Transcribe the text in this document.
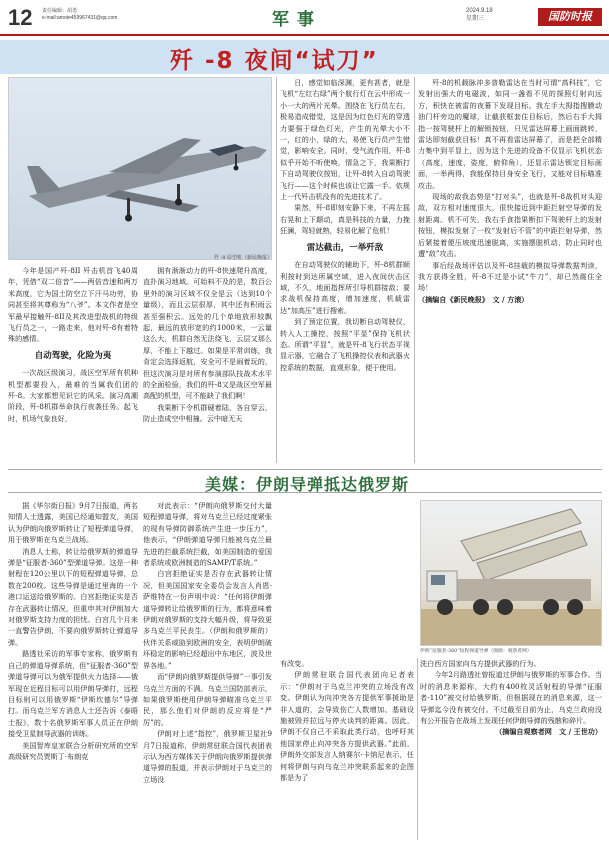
12 责任编辑：胡勇
e-mail:amote459967431@qq.com	军事	2024.9.18
星期三	国防时报
歼 -8 夜间“试刀”
歼 -8 原型机（新民晚报）

今年是国产歼-8II 歼击机首飞40周年，凭借“双二倍音”——两倍音速和两万米高度，它为国土防空立下汗马功劳，协同甚至将其尊称为“八爷”。本文作者是空军最早接触歼-8II及其改进型战机的特级飞行员之一，一路走来，他对歼-8有着特殊的感情。

自动驾驶，化险为夷

一次战区级演习，战区空军所有机种机型都要投入，最难的当属我们团的歼-8。大家都想见识它的风采。演习高潮阶段，歼-8机群举命执行夜袭任务。起飞时，机场气象良好，

拥有渐渐动力的歼-8快速爬升高度，直扑演习地域。可始料不及的是，数百公里外的演习区域不仅全是云（达到10个量级），而且云层很厚，其中还有积雨云甚至强积云。远处的几个单地放形较飘起，最远的放形宽的约1000米，一云量这么大，机群自然无法绕飞，云层又那么厚，不能上下越过。如果是平常训练，我肯定会选择返航，安全可不是闹着玩的，但这次演习是对所有参演部队技战术水平的全面检验，我们的歼-8又是战区空军最高配的机型，可不能缺了我们啊！

我果断下令机群硬着陆，各自穿云，防止造成空中相撞。云中暗无天

日，感觉如临深渊，更有甚者，就是飞机“左红右绿”两个航行灯在云中形成一小一大的两片光晕。围绕在飞行员左右，极易造成错觉，这是因为红色灯光的穿透力要强于绿色灯光，产生的光晕大小不一，红的小，绿的大，易使飞行员产生错觉，影响安全。同时，受气流作用，歼-8似乎开始不听使唤，情急之下，我果断打下自动驾驶仪按钮，让歼-8转入自动驾驶飞行——这个时候也该让它露一手。依规上一代歼击机没有的先进技术了。

果然，歼-8即刻安静下来，不再左摇右晃和上下颠动，真是科技的力量，力挽狂澜，驾轻就熟，轻易化解了危机！

雷达截击，一举歼敌

在自动驾驶仪的辅助下，歼-8机群顺利按时到达所属空域，进入夜间伏击区域，不久，地面指挥所引导机群接敌；要求战机保持高度，增加速度，机载雷达“加高压”进行搜索。

到了预定位置，我切断自动驾驶仪，转入人工操控，按照“平显”保持飞机状态。所谓“平显”，就是歼-8飞行状态平视显示器，它融合了飞机操控仪表和武器火控系统的数据，直观形象，便于使用。

歼-8的机载脉冲多普勒雷达在当时可谓“高科技”，它发射出强大的电磁波，如同一盏看不见的探照灯射向远方，积快在被雷的夜幕下发现目标。我左手大拇指搜膜动油门杆旁边的魔球，让截获框套住目标后，然后右手大拇指一按驾驶杆上的解锁按钮，只见雷达屏幕上画面跳转，雷达即刻截获目标！真不再看雷达屏幕了，而是把全部精力集中到平显上，因为这个先进的设备不仅显示飞机状态（高度，速度，姿度，俯仰角），还显示雷达锁定目标画面，一举两得，我能保持目身安全飞行，又能对目标瞄准攻击。

现场的敌我态势是“打对头”，也就是歼-8战机对头迎敌，双方相对速度很大，很快接近到中距拦射空导弹的发射距离。机不可失，我右手食指果断扣下驾驶杆上的发射按钮，模拟发射了一枚“发射后不管”的中距拦射导弹，然后紧接着便压坡度迅速脱离，实施摆脱机动，防止同时也遭“敌”攻击。

事后经战场评估以及歼-8挂载的模拟导弹数据判读，我方获得全胜，歼-8不过是小试“牛刀”，却已然震住全场！

（摘编自《新民晚报》　文 / 方滚）

美媒：伊朗导弹抵达俄罗斯

据《华尔街日报》9月7日报道，两名知情人士透露，美国已经通知盟友，美国认为伊朗向俄罗斯转让了短程弹道导弹，用于俄罗斯在乌克兰战场。

消息人士称，转让给俄罗斯的弹道导弹是“征服者-360”型弹道导弹。这是一种射程在120公里以下的短程弹道导弹，总数在200枚。这些导弹是通过里海的一个港口运送给俄罗斯的。白宫拒绝证实是否存在武器转让情况，但重申其对伊朗加大对俄罗斯支持力度的担忧。白宫几个月来一直警告伊朗，不要向俄罗斯转让弹道导弹。

路透社采访的军事专家称，俄罗斯有自己的弹道导弹系统，但“征服者-360”型弹道导弹可以为俄军提供火力选择——俄军现在近程目标可以用伊朗导弹打，远程目标则可以用俄罗斯“伊斯坎德尔”导弹打。而乌克兰军方消息人士还告诉《泰晤士报》，数十名俄罗斯军事人员正在伊朗接受卫星制导武器的训练。

美国智库皇家联合分析研究所的空军高级研究员贾斯丁·布朗克

对此表示：“伊朗向俄罗斯交付大量短程弹道导弹，将对乌克兰已经过度紧张的现有导弹防御系统产生进一步压力”，他表示，“伊朗弹道导弹只能被乌克兰最先进的拦截系统拦截，如美国制造的爱国者系统或欧洲制造的SAMP/T系统。”

白宫拒绝证实是否存在武器转让情况，但美国国家安全委员会发言人肖恩·萨维特在一份声明中说：“任何将伊朗弹道导弹转让给俄罗斯的行为，都将意味着伊朗对俄罗斯的支持大幅升级，将导致更多乌克兰平民丧生。（伊朗和俄罗斯的）伙伴关系威胁到欧洲的安全，表明伊朗破坏稳定的影响已经超出中东地区，波及世界各地。”

而“伊朗向俄罗斯提供导弹”一事引发乌克兰方面的不满。乌克兰国防部表示，如果俄罗斯使用伊朗导弹瞄准乌克兰平民，那么他们对伊朗的反应将是“严厉”的。

伊朗对上述“指控”，俄罗斯卫星社9月7日报道称，伊朗常驻联合国代表团表示认为西方媒体关于伊朗向俄罗斯提供弹道导弹的报道，并表示伊朗对于乌克兰的立场没

有改变。

伊朗常驻联合国代表团向记者表示：“伊朗对于乌克兰冲突的立场没有改变。伊朗认为向冲突各方提供军事援助是非人道的，会导致伤亡人数增加、基础设施被毁并拉远与停火谈判的距离。因此，伊朗不仅自己不采取此类行动，也呼吁其他国家停止向冲突各方提供武器。”此前，伊朗外交部发言人纳赛尔·卡纳尼表示，任何将伊朗与向乌克兰冲突联系起来的企图都是为了

洗白西方国家向乌方提供武器的行为。

今年2月路透社曾报道过伊朗与俄罗斯的军事合作。当时的消息来源称，大约有400枚灵活射程的导弹“征服者-110”被交付给俄罗斯，但根据现在的消息来源，这一导弹迄今没有被交付。不过截至目前为止，乌克兰政府没有公开报告在战场上发现任何伊朗导弹的残骸和碎片。

（摘编自观察者网　文 / 王世功）

伊朗“征服者-360”短程弹道导弹（图源：观察者网）
